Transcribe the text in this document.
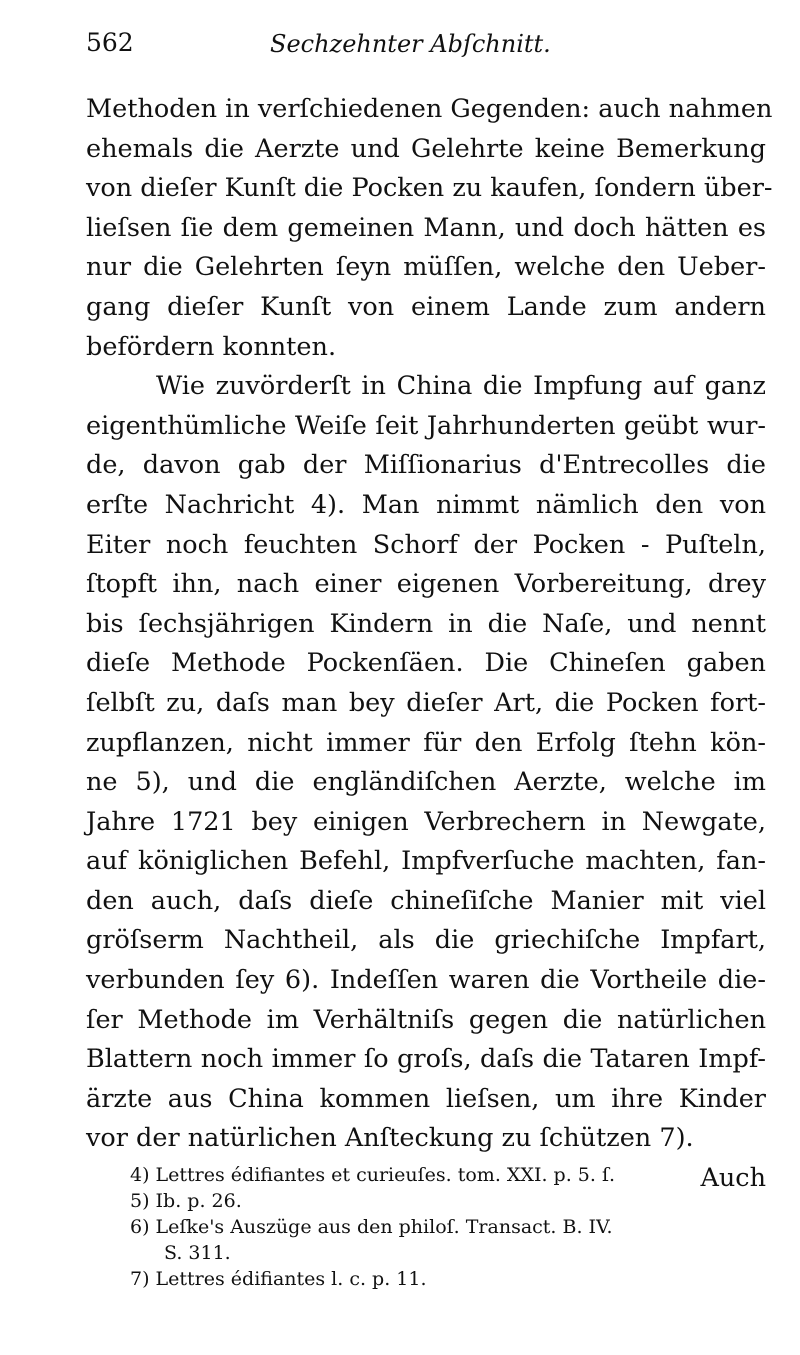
562	Sechzehnter Abſchnitt.
Methoden in verſchiedenen Gegenden: auch nahmen
ehemals die Aerzte und Gelehrte keine Bemerkung
von dieſer Kunſt die Pocken zu kaufen, ſondern über-
lieſsen ſie dem gemeinen Mann, und doch hätten es
nur die Gelehrten ſeyn müſſen, welche den Ueber-
gang dieſer Kunſt von einem Lande zum andern
befördern konnten.
Wie zuvörderſt in China die Impfung auf ganz
eigenthümliche Weiſe ſeit Jahrhunderten geübt wur-
de, davon gab der Miſſionarius d'Entrecolles die
erſte Nachricht 4). Man nimmt nämlich den von
Eiter noch feuchten Schorf der Pocken - Puſteln,
ſtopft ihn, nach einer eigenen Vorbereitung, drey
bis ſechsjährigen Kindern in die Naſe, und nennt
dieſe Methode Pockenſäen. Die Chineſen gaben
ſelbſt zu, daſs man bey dieſer Art, die Pocken fort-
zupflanzen, nicht immer für den Erfolg ſtehn kön-
ne 5), und die engländiſchen Aerzte, welche im
Jahre 1721 bey einigen Verbrechern in Newgate,
auf königlichen Befehl, Impfverſuche machten, fan-
den auch, daſs dieſe chineſiſche Manier mit viel
gröſserm Nachtheil, als die griechiſche Impfart,
verbunden ſey 6). Indeſſen waren die Vortheile die-
ſer Methode im Verhältniſs gegen die natürlichen
Blattern noch immer ſo groſs, daſs die Tataren Impf-
ärzte aus China kommen lieſsen, um ihre Kinder
vor der natürlichen Anſteckung zu ſchützen 7).
Auch
4) Lettres édifiantes et curieuſes. tom. XXI. p. 5. ſ.
5) Ib. p. 26.
6) Leſke's Auszüge aus den philoſ. Transact. B. IV.
S. 311.
7) Lettres édifiantes l. c. p. 11.
